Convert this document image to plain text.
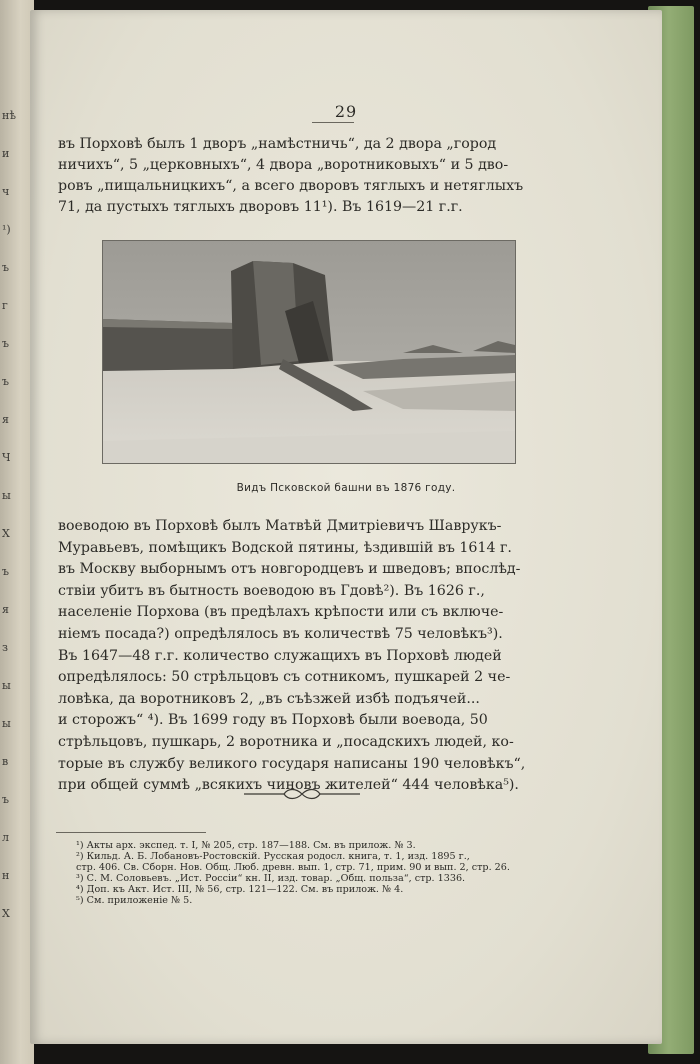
нѣ
и
ч
¹)
ъ
г
ъ
ъ
я
Ч
ы
Х
ъ
я
з
ы
ы
в
ъ
л
н
Х
29

въ Порховѣ былъ 1 дворъ „намѣстничь“, да 2 двора „город
ничихъ“, 5 „церковныхъ“, 4 двора „воротниковыхъ“ и 5 дво-
ровъ „пищальницкихъ“, а всего дворовъ тяглыхъ и нетяглыхъ
71, да пустыхъ тяглыхъ дворовъ 11¹). Въ 1619—21 г.г.

Видъ Псковской башни въ 1876 году.

воеводою въ Порховѣ былъ Матвѣй Дмитріевичъ Шаврукъ-
Муравьевъ, помѣщикъ Водской пятины, ѣздившій въ 1614 г.
въ Москву выборнымъ отъ новгородцевъ и шведовъ; впослѣд-
ствіи убитъ въ бытность воеводою въ Гдовѣ²). Въ 1626 г.,
населеніе Порхова (въ предѣлахъ крѣпости или съ включе-
ніемъ посада?) опредѣлялось въ количествѣ 75 человѣкъ³).
Въ 1647—48 г.г. количество служащихъ въ Порховѣ людей
опредѣлялось: 50 стрѣльцовъ съ сотникомъ, пушкарей 2 че-
ловѣка, да воротниковъ 2, „въ съѣзжей избѣ подъячей...
и сторожъ“ ⁴). Въ 1699 году въ Порховѣ были воевода, 50
стрѣльцовъ, пушкарь, 2 воротника и „посадскихъ людей, ко-
торые въ службу великого государя написаны 190 человѣкъ“,
при общей суммѣ „всякихъ чиновъ жителей“ 444 человѣка⁵).

¹) Акты арх. экспед. т. I, № 205, стр. 187—188. См. въ прилож. № 3.
²) Кильд. А. Б. Лобановъ-Ростовскій. Русская родосл. книга, т. 1, изд. 1895 г.,
стр. 406. Св. Сборн. Нов. Общ. Люб. древн. вып. 1, стр. 71, прим. 90 и вып. 2, стр. 26.
³) С. М. Соловьевъ. „Ист. Россіи“ кн. II, изд. товар. „Общ. польза“, стр. 1336.
⁴) Доп. къ Акт. Ист. III, № 56, стр. 121—122. См. въ прилож. № 4.
⁵) См. приложеніе № 5.
